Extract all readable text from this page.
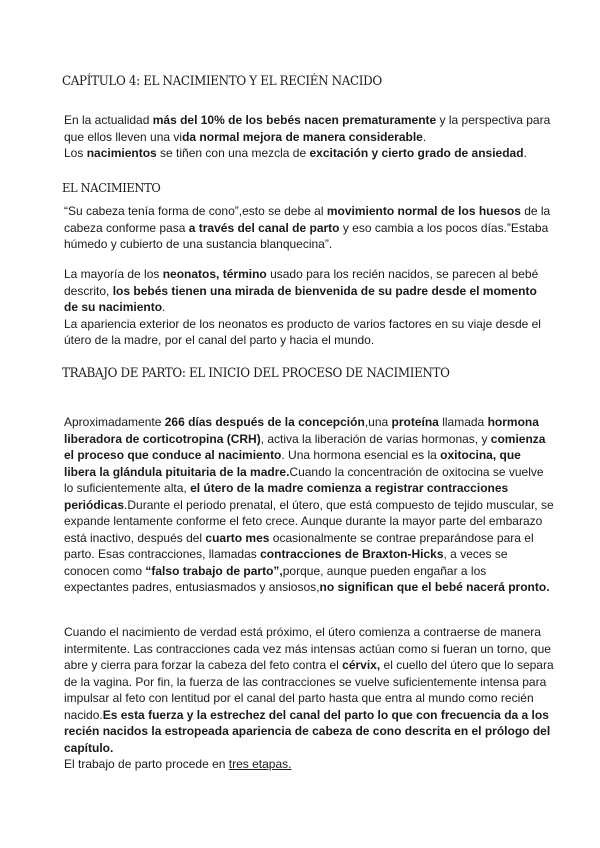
CAPÍTULO 4: EL NACIMIENTO Y EL RECIÉN NACIDO

En la actualidad más del 10% de los bebés nacen prematuramente y la perspectiva para que ellos lleven una vida normal mejora de manera considerable.
Los nacimientos se tiñen con una mezcla de excitación y cierto grado de ansiedad.

EL NACIMIENTO

“Su cabeza tenía forma de cono”,esto se debe al movimiento normal de los huesos de la cabeza conforme pasa a través del canal de parto y eso cambia a los pocos días.”Estaba húmedo y cubierto de una sustancia blanquecina”.

La mayoría de los neonatos, término usado para los recién nacidos, se parecen al bebé descrito, los bebés tienen una mirada de bienvenida de su padre desde el momento de su nacimiento.
La apariencia exterior de los neonatos es producto de varios factores en su viaje desde el útero de la madre, por el canal del parto y hacia el mundo.

TRABAJO DE PARTO: EL INICIO DEL PROCESO DE NACIMIENTO

Aproximadamente 266 días después de la concepción,una proteína llamada hormona liberadora de corticotropina (CRH), activa la liberación de varias hormonas, y comienza el proceso que conduce al nacimiento. Una hormona esencial es la oxitocina, que libera la glándula pituitaria de la madre.Cuando la concentración de oxitocina se vuelve lo suficientemente alta, el útero de la madre comienza a registrar contracciones periódicas.Durante el periodo prenatal, el útero, que está compuesto de tejido muscular, se expande lentamente conforme el feto crece. Aunque durante la mayor parte del embarazo está inactivo, después del cuarto mes ocasionalmente se contrae preparándose para el parto. Esas contracciones, llamadas contracciones de Braxton-Hicks, a veces se conocen como “falso trabajo de parto”,porque, aunque pueden engañar a los expectantes padres, entusiasmados y ansiosos,no significan que el bebé nacerá pronto.

Cuando el nacimiento de verdad está próximo, el útero comienza a contraerse de manera intermitente. Las contracciones cada vez más intensas actúan como si fueran un torno, que abre y cierra para forzar la cabeza del feto contra el cérvix, el cuello del útero que lo separa de la vagina. Por fin, la fuerza de las contracciones se vuelve suficientemente intensa para impulsar al feto con lentitud por el canal del parto hasta que entra al mundo como recién nacido.Es esta fuerza y la estrechez del canal del parto lo que con frecuencia da a los recién nacidos la estropeada apariencia de cabeza de cono descrita en el prólogo del capítulo.
El trabajo de parto procede en tres etapas.
